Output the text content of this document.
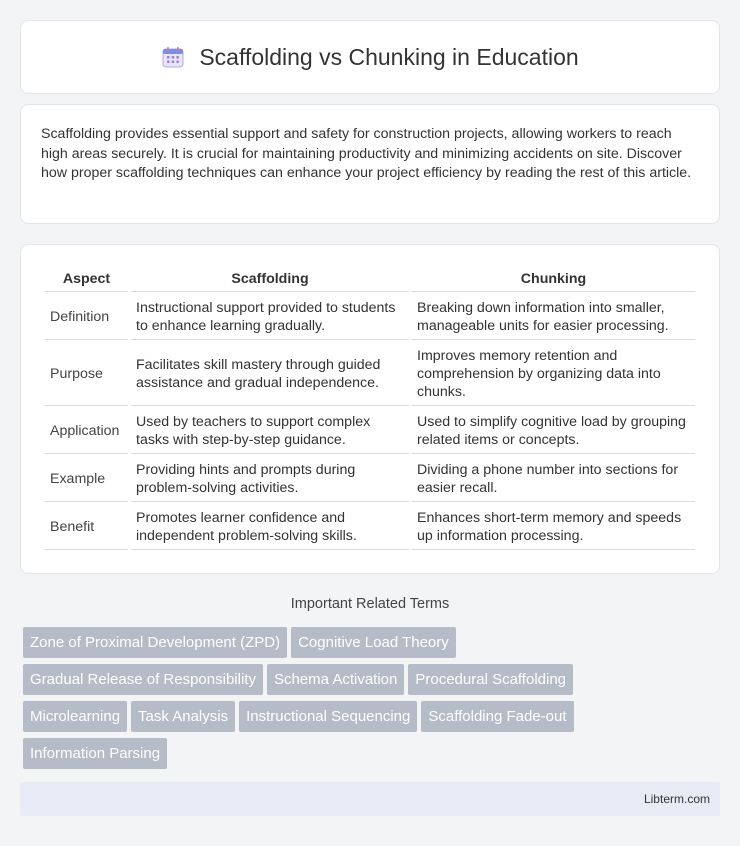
Scaffolding vs Chunking in Education

Scaffolding provides essential support and safety for construction projects, allowing workers to reach high areas securely. It is crucial for maintaining productivity and minimizing accidents on site. Discover how proper scaffolding techniques can enhance your project efficiency by reading the rest of this article.

Aspect	Scaffolding	Chunking
Definition	Instructional support provided to students to enhance learning gradually.	Breaking down information into smaller, manageable units for easier processing.
Purpose	Facilitates skill mastery through guided assistance and gradual independence.	Improves memory retention and comprehension by organizing data into chunks.
Application	Used by teachers to support complex tasks with step-by-step guidance.	Used to simplify cognitive load by grouping related items or concepts.
Example	Providing hints and prompts during problem-solving activities.	Dividing a phone number into sections for easier recall.
Benefit	Promotes learner confidence and independent problem-solving skills.	Enhances short-term memory and speeds up information processing.
Important Related Terms
Zone of Proximal Development (ZPD) Cognitive Load Theory
Gradual Release of Responsibility Schema Activation Procedural Scaffolding
Microlearning Task Analysis Instructional Sequencing Scaffolding Fade-out
Information Parsing
Libterm.com
